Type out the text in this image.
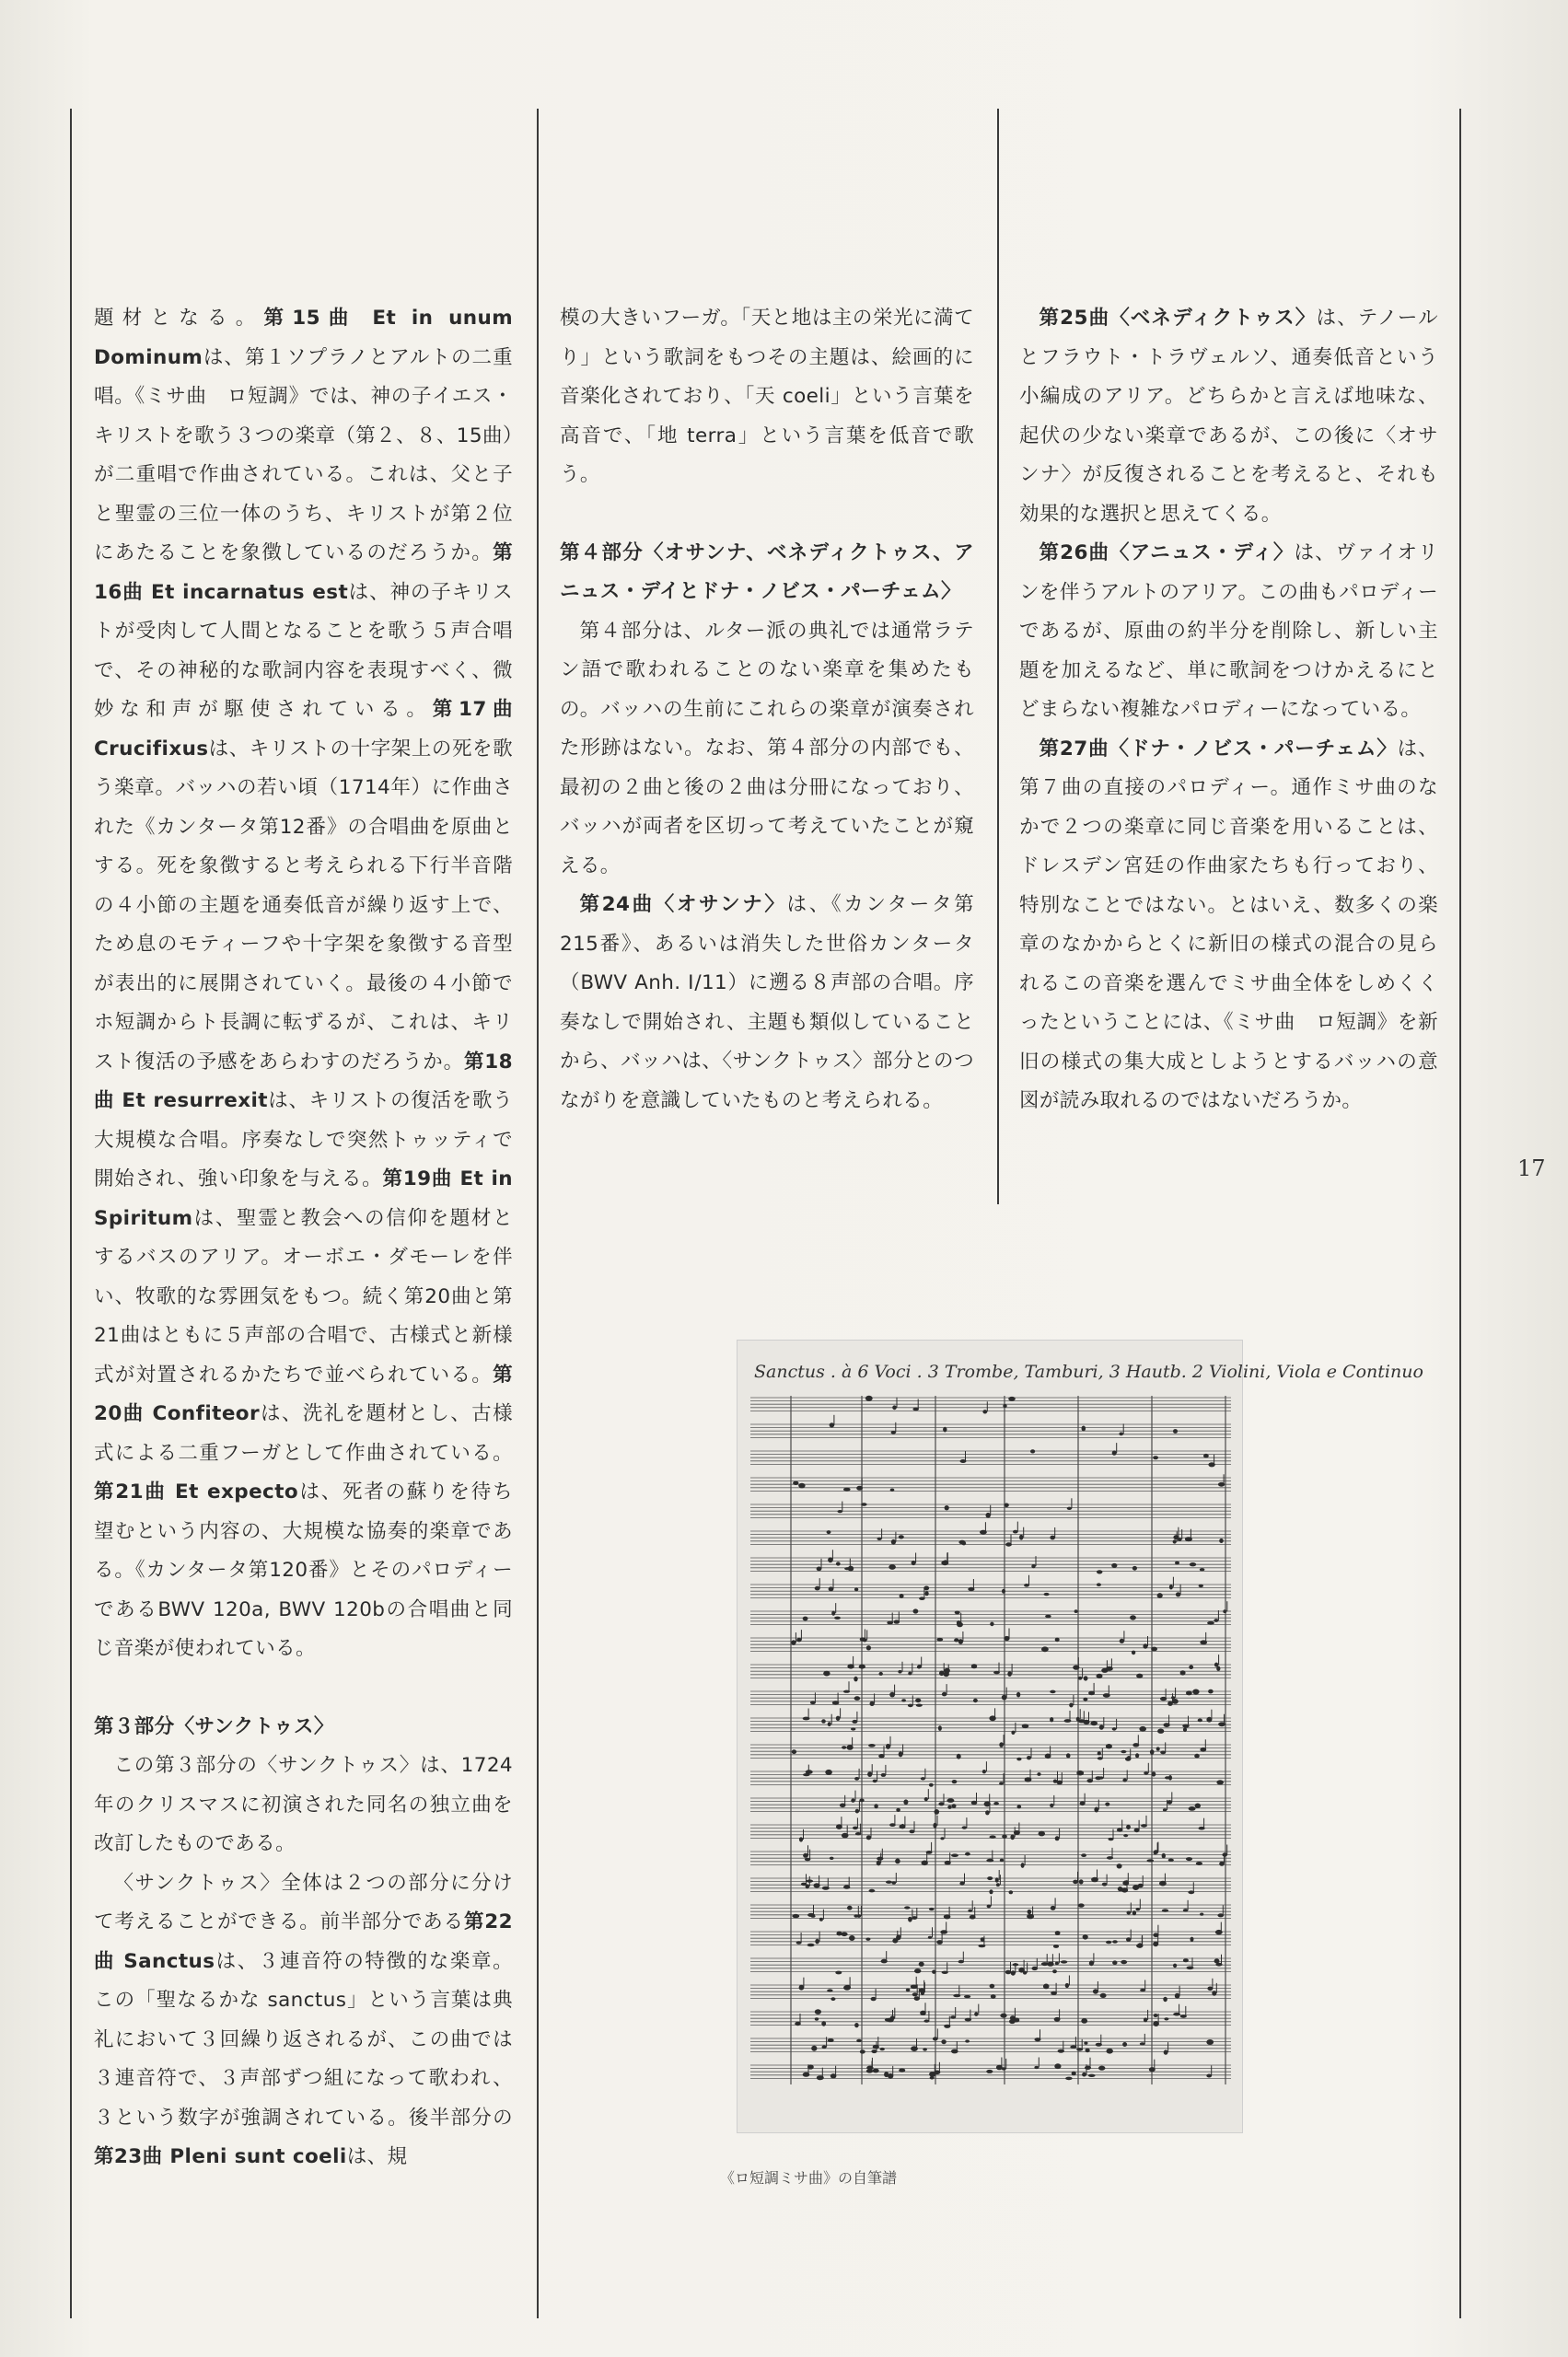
題材となる。第15曲 Et in unum Dominumは、第１ソプラノとアルトの二重唱。《ミサ曲　ロ短調》では、神の子イエス・キリストを歌う３つの楽章（第２、８、15曲）が二重唱で作曲されている。これは、父と子と聖霊の三位一体のうち、キリストが第２位にあたることを象徴しているのだろうか。第16曲 Et incarnatus estは、神の子キリストが受肉して人間となることを歌う５声合唱で、その神秘的な歌詞内容を表現すべく、微妙な和声が駆使されている。第17曲 Crucifixusは、キリストの十字架上の死を歌う楽章。バッハの若い頃（1714年）に作曲された《カンタータ第12番》の合唱曲を原曲とする。死を象徴すると考えられる下行半音階の４小節の主題を通奏低音が繰り返す上で、ため息のモティーフや十字架を象徴する音型が表出的に展開されていく。最後の４小節でホ短調からト長調に転ずるが、これは、キリスト復活の予感をあらわすのだろうか。第18曲 Et resurrexitは、キリストの復活を歌う大規模な合唱。序奏なしで突然トゥッティで開始され、強い印象を与える。第19曲 Et in Spiritumは、聖霊と教会への信仰を題材とするバスのアリア。オーボエ・ダモーレを伴い、牧歌的な雰囲気をもつ。続く第20曲と第21曲はともに５声部の合唱で、古様式と新様式が対置されるかたちで並べられている。第20曲 Confiteorは、洗礼を題材とし、古様式による二重フーガとして作曲されている。第21曲 Et expectoは、死者の蘇りを待ち望むという内容の、大規模な協奏的楽章である。《カンタータ第120番》とそのパロディーであるBWV 120a, BWV 120bの合唱曲と同じ音楽が使われている。

第３部分〈サンクトゥス〉

この第３部分の〈サンクトゥス〉は、1724年のクリスマスに初演された同名の独立曲を改訂したものである。

〈サンクトゥス〉全体は２つの部分に分けて考えることができる。前半部分である第22曲 Sanctusは、３連音符の特徴的な楽章。この「聖なるかな sanctus」という言葉は典礼において３回繰り返されるが、この曲では３連音符で、３声部ずつ組になって歌われ、３という数字が強調されている。後半部分の第23曲 Pleni sunt coeliは、規

模の大きいフーガ。「天と地は主の栄光に満てり」という歌詞をもつその主題は、絵画的に音楽化されており、「天 coeli」という言葉を高音で、「地 terra」という言葉を低音で歌う。

第４部分〈オサンナ、ベネディクトゥス、アニュス・デイとドナ・ノビス・パーチェム〉

第４部分は、ルター派の典礼では通常ラテン語で歌われることのない楽章を集めたもの。バッハの生前にこれらの楽章が演奏された形跡はない。なお、第４部分の内部でも、最初の２曲と後の２曲は分冊になっており、バッハが両者を区切って考えていたことが窺える。

第24曲〈オサンナ〉は、《カンタータ第215番》、あるいは消失した世俗カンタータ（BWV Anh. Ⅰ/11）に遡る８声部の合唱。序奏なしで開始され、主題も類似していることから、バッハは、〈サンクトゥス〉部分とのつながりを意識していたものと考えられる。

第25曲〈ベネディクトゥス〉は、テノールとフラウト・トラヴェルソ、通奏低音という小編成のアリア。どちらかと言えば地味な、起伏の少ない楽章であるが、この後に〈オサンナ〉が反復されることを考えると、それも効果的な選択と思えてくる。

第26曲〈アニュス・ディ〉は、ヴァイオリンを伴うアルトのアリア。この曲もパロディーであるが、原曲の約半分を削除し、新しい主題を加えるなど、単に歌詞をつけかえるにとどまらない複雑なパロディーになっている。

第27曲〈ドナ・ノビス・パーチェム〉は、第７曲の直接のパロディー。通作ミサ曲のなかで２つの楽章に同じ音楽を用いることは、ドレスデン宮廷の作曲家たちも行っており、特別なことではない。とはいえ、数多くの楽章のなかからとくに新旧の様式の混合の見られるこの音楽を選んでミサ曲全体をしめくくったということには、《ミサ曲　ロ短調》を新旧の様式の集大成としようとするバッハの意図が読み取れるのではないだろうか。

17
Sanctus . à 6 Voci . 3 Trombe, Tamburi, 3 Hautb. 2 Violini, Viola e Continuo
《ロ短調ミサ曲》の自筆譜
